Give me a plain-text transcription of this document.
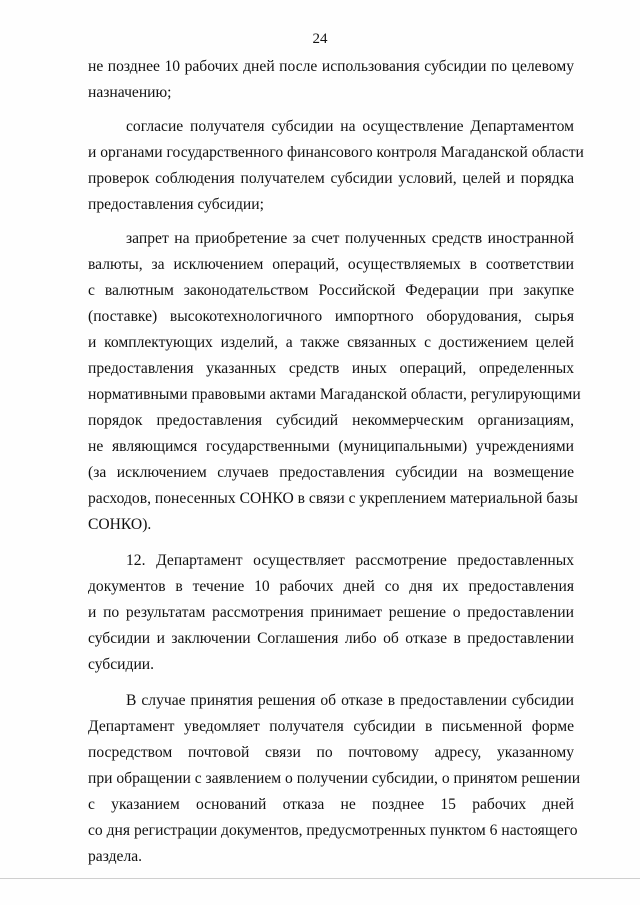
24
не позднее 10 рабочих дней после использования субсидии по целевому
назначению;
согласие получателя субсидии на осуществление Департаментом
и органами государственного финансового контроля Магаданской области
проверок соблюдения получателем субсидии условий, целей и порядка
предоставления субсидии;
запрет на приобретение за счет полученных средств иностранной
валюты, за исключением операций, осуществляемых в соответствии
с валютным законодательством Российской Федерации при закупке
(поставке) высокотехнологичного импортного оборудования, сырья
и комплектующих изделий, а также связанных с достижением целей
предоставления указанных средств иных операций, определенных
нормативными правовыми актами Магаданской области, регулирующими
порядок предоставления субсидий некоммерческим организациям,
не являющимся государственными (муниципальными) учреждениями
(за исключением случаев предоставления субсидии на возмещение
расходов, понесенных СОНКО в связи с укреплением материальной базы
СОНКО).
12. Департамент осуществляет рассмотрение предоставленных
документов в течение 10 рабочих дней со дня их предоставления
и по результатам рассмотрения принимает решение о предоставлении
субсидии и заключении Соглашения либо об отказе в предоставлении
субсидии.
В случае принятия решения об отказе в предоставлении субсидии
Департамент уведомляет получателя субсидии в письменной форме
посредством почтовой связи по почтовому адресу, указанному
при обращении с заявлением о получении субсидии, о принятом решении
с указанием оснований отказа не позднее 15 рабочих дней
со дня регистрации документов, предусмотренных пунктом 6 настоящего
раздела.
